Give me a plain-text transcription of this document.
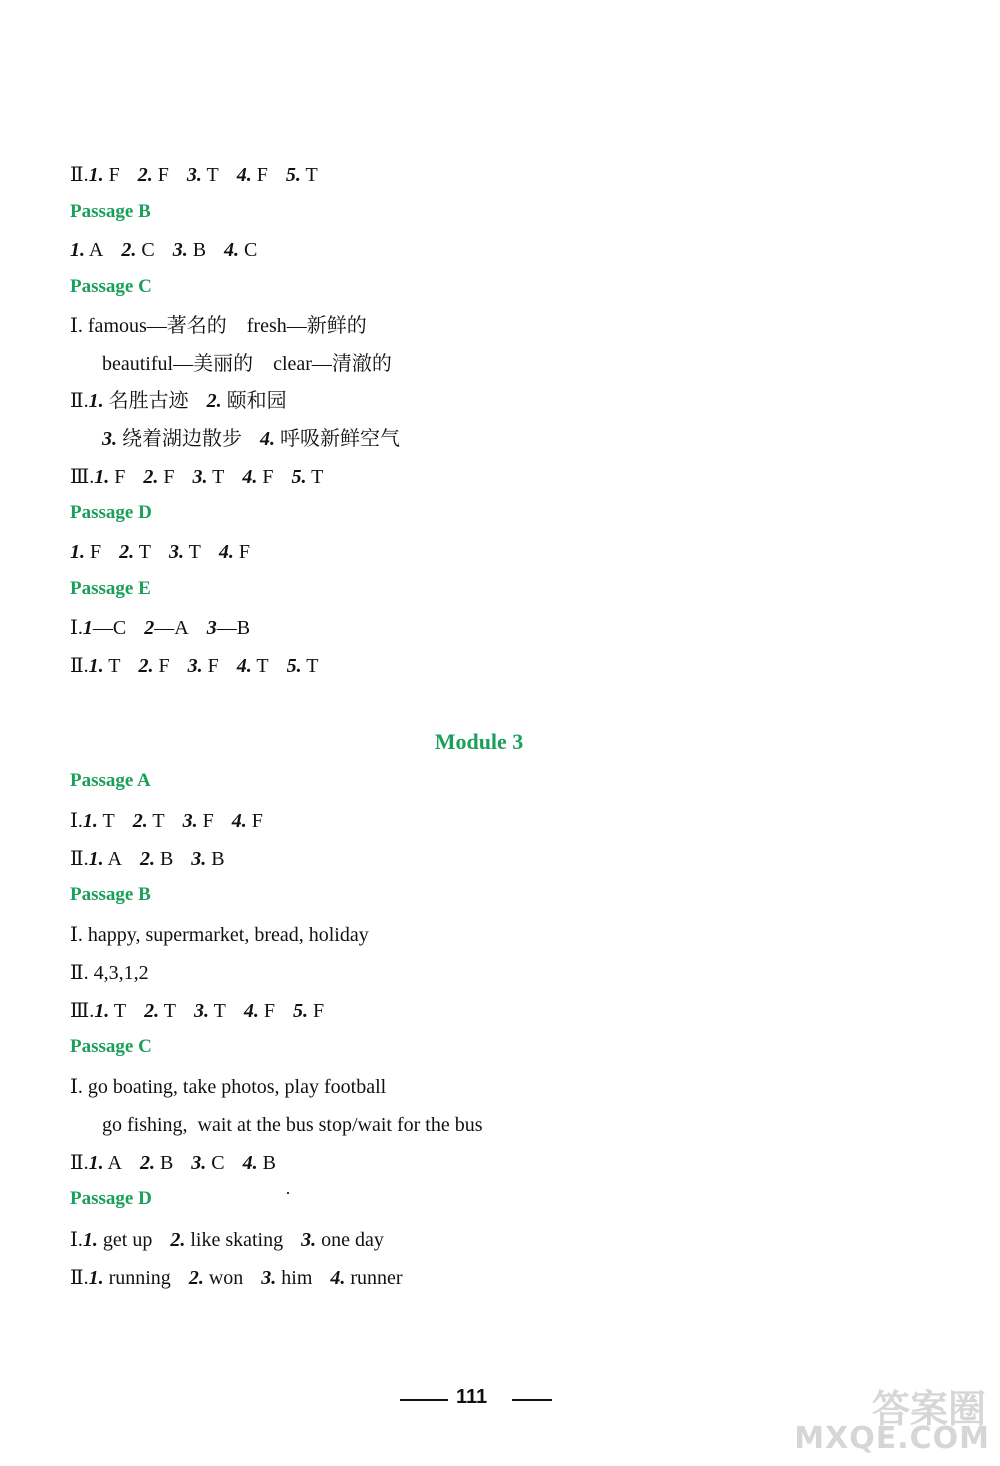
Ⅱ.1. F 2. F 3. T 4. F 5. T
Passage B
1. A 2. C 3. B 4. C
Passage C
Ⅰ. famous—著名的    fresh—新鲜的
beautiful—美丽的    clear—清澈的
Ⅱ.1. 名胜古迹 2. 颐和园
3. 绕着湖边散步 4. 呼吸新鲜空气
Ⅲ.1. F 2. F 3. T 4. F 5. T
Passage D
1. F 2. T 3. T 4. F
Passage E
Ⅰ.1—C 2—A 3—B
Ⅱ.1. T 2. F 3. F 4. T 5. T
Module 3
Passage A
Ⅰ.1. T 2. T 3. F 4. F
Ⅱ.1. A 2. B 3. B
Passage B
Ⅰ. happy, supermarket, bread, holiday
Ⅱ. 4,3,1,2
Ⅲ.1. T 2. T 3. T 4. F 5. F
Passage C
Ⅰ. go boating, take photos, play football
go fishing,  wait at the bus stop/wait for the bus
Ⅱ.1. A 2. B 3. C 4. B
Passage D
Ⅰ.1. get up 2. like skating 3. one day
Ⅱ.1. running 2. won 3. him 4. runner
111	答案圈
MXQE.COM
